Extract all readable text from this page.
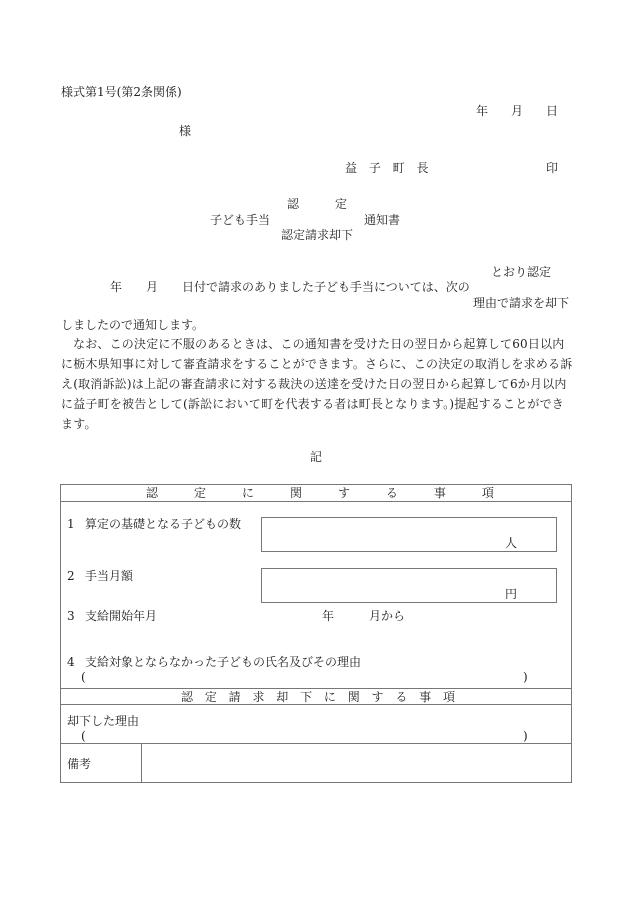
様式第1号(第2条関係)
年 月 日
様
益 子 町 長	印
認　　　定
子ども手当	通知書
認定請求却下
とおり認定
年 月 日付で請求のありました子ども手当については、次の
理由で請求を却下
しましたので通知します。
なお、この決定に不服のあるときは、この通知書を受けた日の翌日から起算して60日以内に栃木県知事に対して審査請求をすることができます。さらに、この決定の取消しを求める訴え(取消訴訟)は上記の審査請求に対する裁決の送達を受けた日の翌日から起算して6か月以内に益子町を被告として(訴訟において町を代表する者は町長となります。)提起することができます。
記
認	定	に	関	す	る	事	項
1 算定の基礎となる子どもの数
人
2 手当月額
円
3 支給開始年月	年	月から
4 支給対象とならなかった子どもの氏名及びその理由
(	)
認 定 請 求 却 下 に 関 す る 事 項
却下した理由
(	)
備考
